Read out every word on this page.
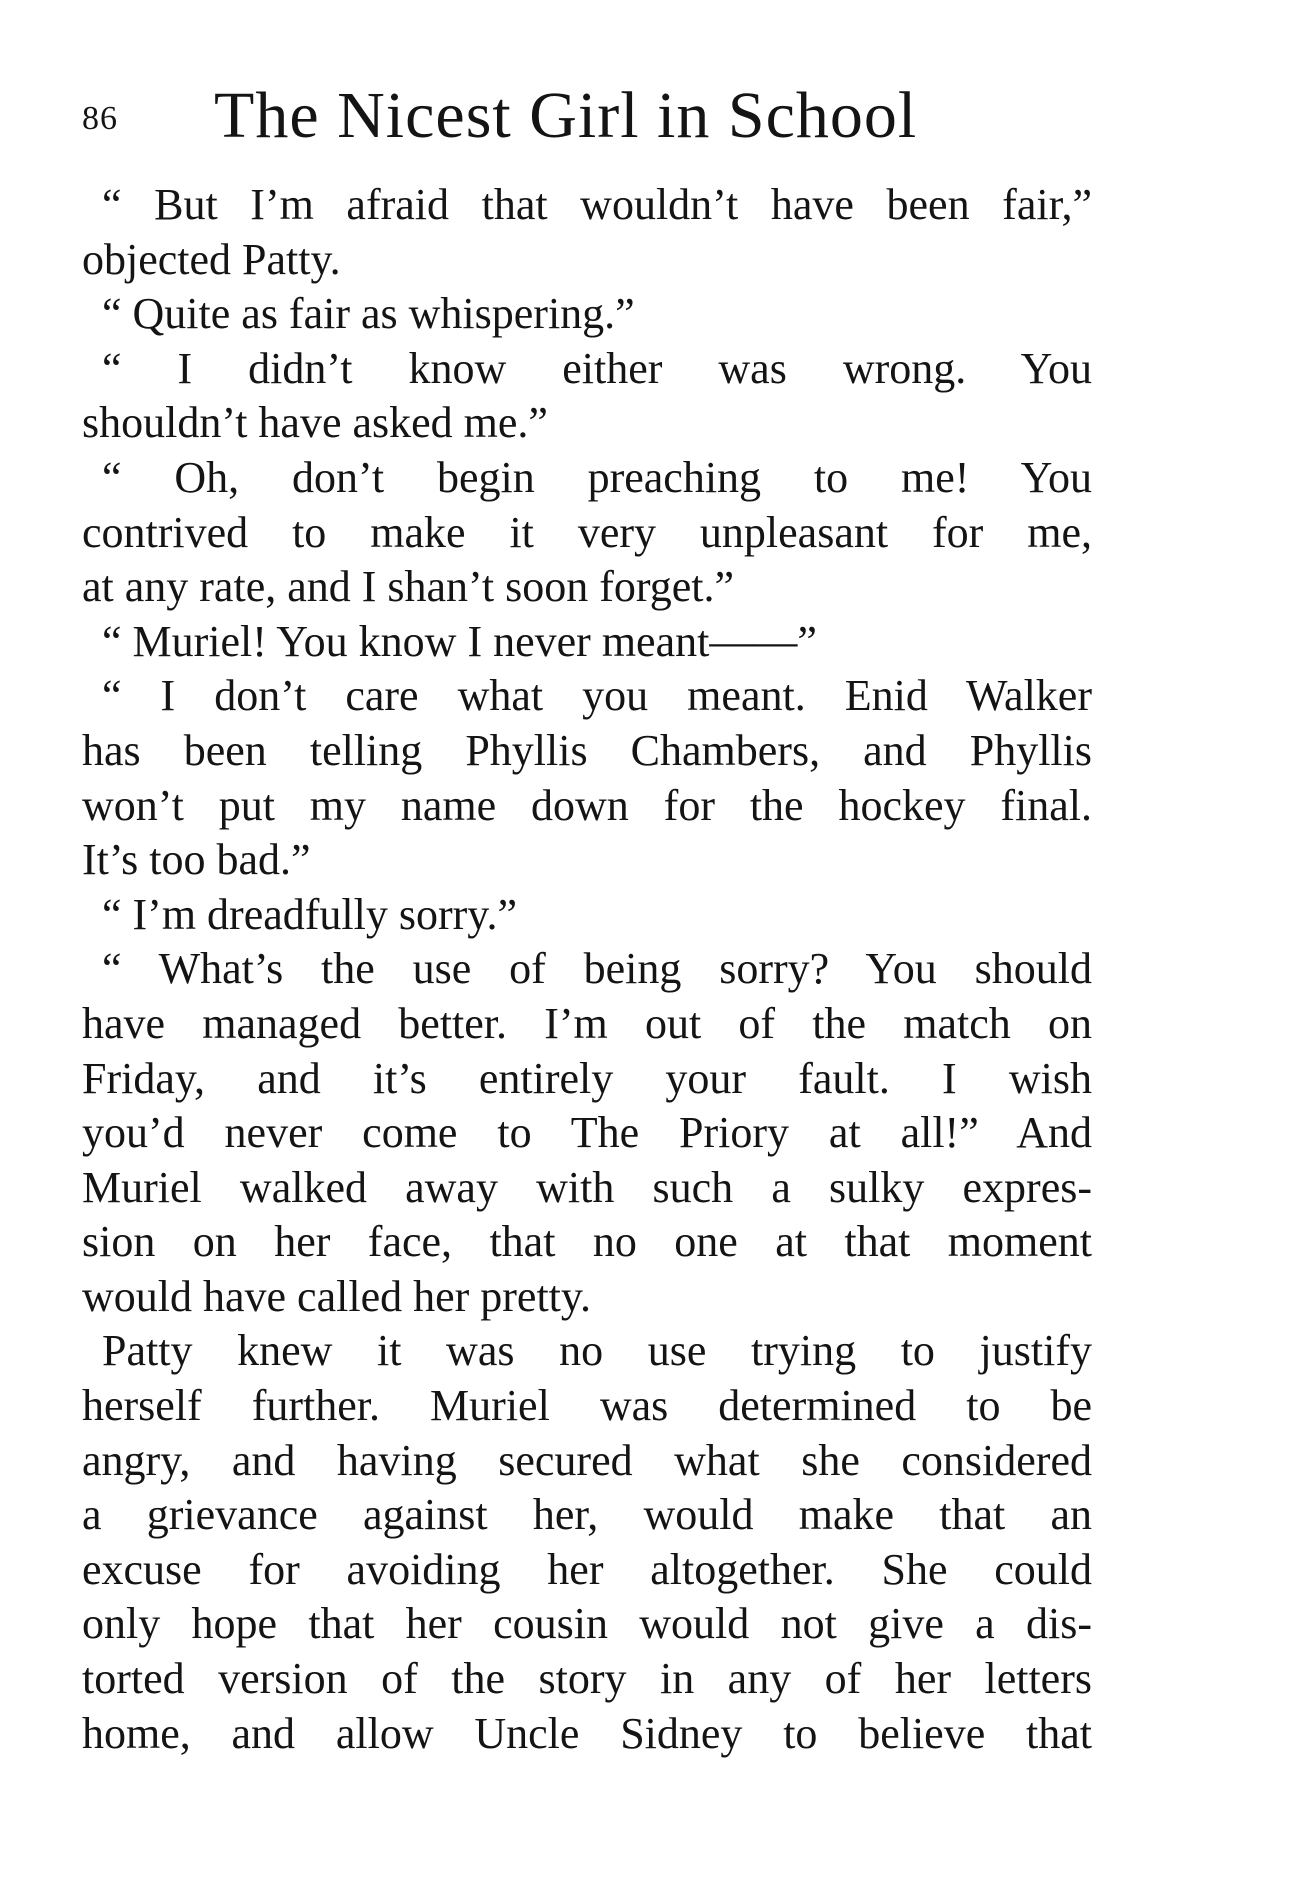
86 The Nicest Girl in School
“ But I’m afraid that wouldn’t have been fair,”
objected Patty.
“ Quite as fair as whispering.”
“ I didn’t know either was wrong. You
shouldn’t have asked me.”
“ Oh, don’t begin preaching to me! You
contrived to make it very unpleasant for me,
at any rate, and I shan’t soon forget.”
“ Muriel! You know I never meant——”
“ I don’t care what you meant. Enid Walker
has been telling Phyllis Chambers, and Phyllis
won’t put my name down for the hockey final.
It’s too bad.”
“ I’m dreadfully sorry.”
“ What’s the use of being sorry? You should
have managed better. I’m out of the match on
Friday, and it’s entirely your fault. I wish
you’d never come to The Priory at all!” And
Muriel walked away with such a sulky expres-
sion on her face, that no one at that moment
would have called her pretty.
Patty knew it was no use trying to justify
herself further. Muriel was determined to be
angry, and having secured what she considered
a grievance against her, would make that an
excuse for avoiding her altogether. She could
only hope that her cousin would not give a dis-
torted version of the story in any of her letters
home, and allow Uncle Sidney to believe that
